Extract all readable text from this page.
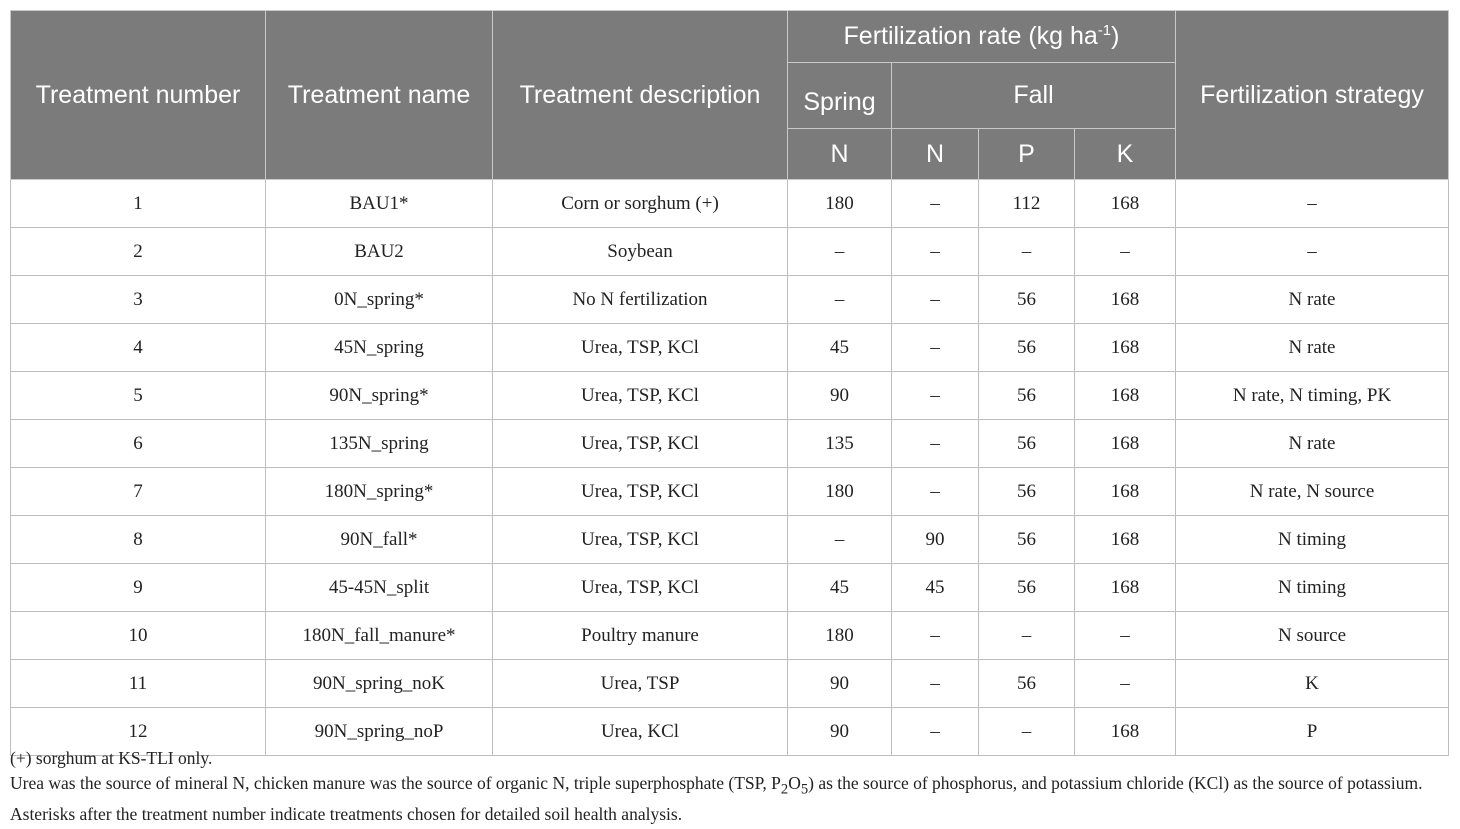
Treatment number	Treatment name	Treatment description	Fertilization rate (kg $ha^{-1}$)				Fertilization strategy
			Spring	Fall			
			N	N	P	K	
1	BAU1*	Corn or sorghum (+)	180	–	112	168	–
2	BAU2	Soybean	–	–	–	–	–
3	0N_spring*	No N fertilization	–	–	56	168	N rate
4	45N_spring	Urea, TSP, KCl	45	–	56	168	N rate
5	90N_spring*	Urea, TSP, KCl	90	–	56	168	N rate, N timing, PK
6	135N_spring	Urea, TSP, KCl	135	–	56	168	N rate
7	180N_spring*	Urea, TSP, KCl	180	–	56	168	N rate, N source
8	90N_fall*	Urea, TSP, KCl	–	90	56	168	N timing
9	45-45N_split	Urea, TSP, KCl	45	45	56	168	N timing
10	180N_fall_manure*	Poultry manure	180	–	–	–	N source
11	90N_spring_noK	Urea, TSP	90	–	56	–	K
12	90N_spring_noP	Urea, KCl	90	–	–	168	P

(+) sorghum at KS-TLI only.

Urea was the source of mineral N, chicken manure was the source of organic N, triple superphosphate (TSP, $P_2O_5$) as the source of phosphorus, and potassium chloride (KCl) as the source of potassium. Asterisks after the treatment number indicate treatments chosen for detailed soil health analysis.
